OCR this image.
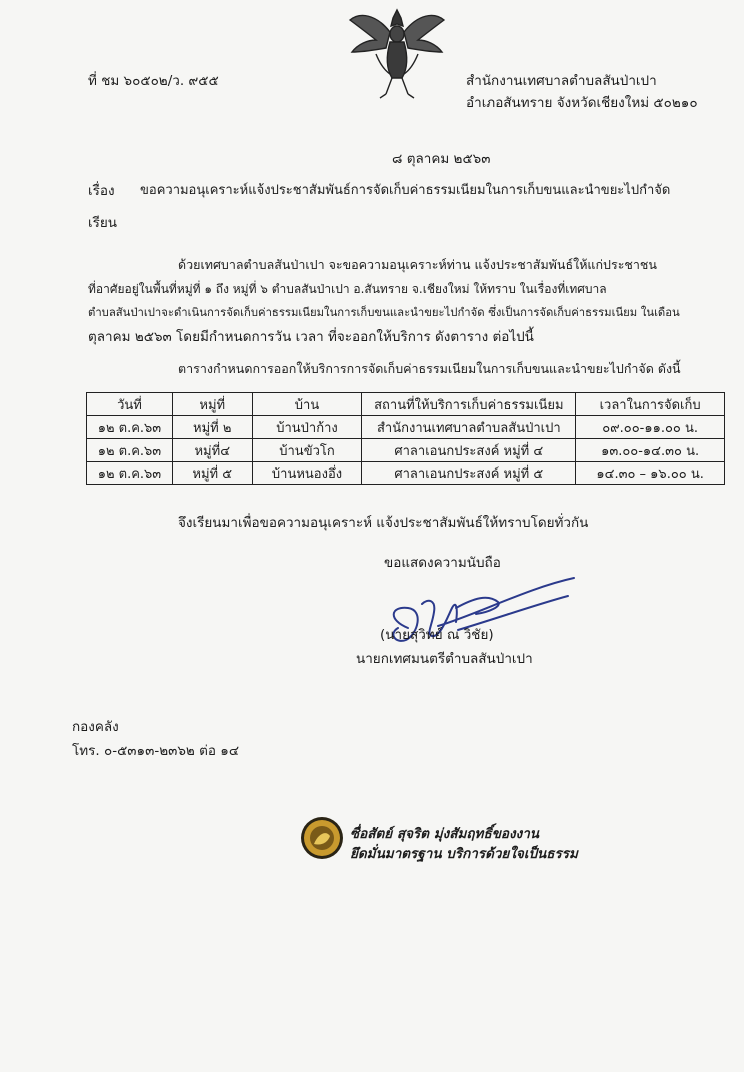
ที่ ชม ๖๐๕๐๒/ว. ๙๕๕	สำนักงานเทศบาลตำบลสันป่าเปา
อำเภอสันทราย จังหวัดเชียงใหม่ ๕๐๒๑๐
๘ ตุลาคม ๒๕๖๓
เรื่อง ขอความอนุเคราะห์แจ้งประชาสัมพันธ์การจัดเก็บค่าธรรมเนียมในการเก็บขนและนำขยะไปกำจัด
เรียน
ด้วยเทศบาลตำบลสันป่าเปา จะขอความอนุเคราะห์ท่าน แจ้งประชาสัมพันธ์ให้แก่ประชาชน
ที่อาศัยอยู่ในพื้นที่หมู่ที่ ๑ ถึง หมู่ที่ ๖ ตำบลสันป่าเปา อ.สันทราย จ.เชียงใหม่ ให้ทราบ ในเรื่องที่เทศบาล
ตำบลสันป่าเปาจะดำเนินการจัดเก็บค่าธรรมเนียมในการเก็บขนและนำขยะไปกำจัด ซึ่งเป็นการจัดเก็บค่าธรรมเนียม ในเดือน
ตุลาคม ๒๕๖๓ โดยมีกำหนดการวัน เวลา ที่จะออกให้บริการ ดังตาราง ต่อไปนี้
ตารางกำหนดการออกให้บริการการจัดเก็บค่าธรรมเนียมในการเก็บขนและนำขยะไปกำจัด ดังนี้
วันที่	หมู่ที่	บ้าน	สถานที่ให้บริการเก็บค่าธรรมเนียม	เวลาในการจัดเก็บ
๑๒ ต.ค.๖๓	หมู่ที่ ๒	บ้านป่าก้าง	สำนักงานเทศบาลตำบลสันป่าเปา	๐๙.๐๐-๑๑.๐๐ น.
๑๒ ต.ค.๖๓	หมู่ที่๔	บ้านขัวโก	ศาลาเอนกประสงค์ หมู่ที่ ๔	๑๓.๐๐-๑๔.๓๐ น.
๑๒ ต.ค.๖๓	หมู่ที่ ๕	บ้านหนองอึ่ง	ศาลาเอนกประสงค์ หมู่ที่ ๕	๑๔.๓๐ – ๑๖.๐๐ น.
จึงเรียนมาเพื่อขอความอนุเคราะห์ แจ้งประชาสัมพันธ์ให้ทราบโดยทั่วกัน
ขอแสดงความนับถือ
(นายสุวิทย์ ณ วิชัย)
นายกเทศมนตรีตำบลสันป่าเปา
กองคลัง
โทร. ๐-๕๓๑๓-๒๓๖๒ ต่อ ๑๔
ซื่อสัตย์ สุจริต มุ่งสัมฤทธิ์ของงาน
ยึดมั่นมาตรฐาน บริการด้วยใจเป็นธรรม
